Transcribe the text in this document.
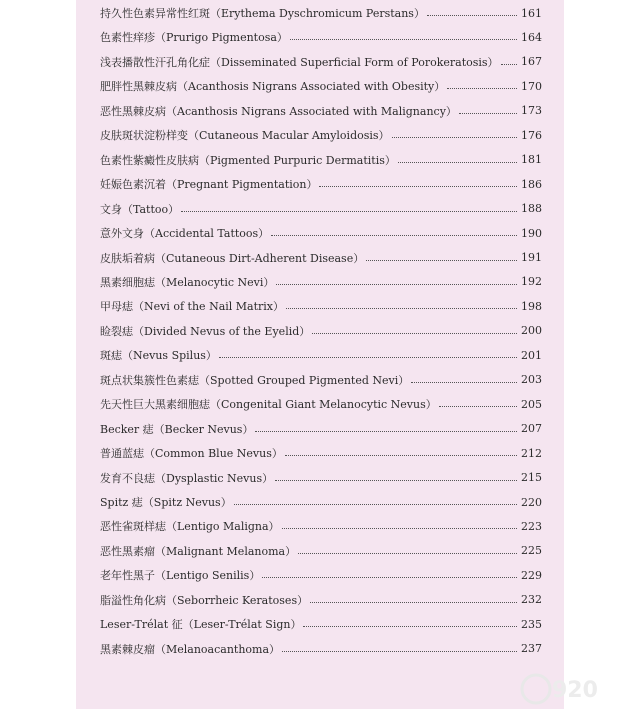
持久性色素异常性红斑（Erythema Dyschromicum Perstans）	161
色素性痒疹（Prurigo Pigmentosa）	164
浅表播散性汗孔角化症（Disseminated Superficial Form of Porokeratosis） 167
肥胖性黑棘皮病（Acanthosis Nigrans Associated with Obesity）	170
恶性黑棘皮病（Acanthosis Nigrans Associated with Malignancy）	173
皮肤斑状淀粉样变（Cutaneous Macular Amyloidosis）	176
色素性紫癜性皮肤病（Pigmented Purpuric Dermatitis）	181
妊娠色素沉着（Pregnant Pigmentation）	186
文身（Tattoo）	188
意外文身（Accidental Tattoos）	190
皮肤垢着病（Cutaneous Dirt-Adherent Disease）	191
黑素细胞痣（Melanocytic Nevi）	192
甲母痣（Nevi of the Nail Matrix）	198
睑裂痣（Divided Nevus of the Eyelid）	200
斑痣（Nevus Spilus）	201
斑点状集簇性色素痣（Spotted Grouped Pigmented Nevi）	203
先天性巨大黑素细胞痣（Congenital Giant Melanocytic Nevus）	205
Becker 痣（Becker Nevus）	207
普通蓝痣（Common Blue Nevus）	212
发育不良痣（Dysplastic Nevus）	215
Spitz 痣（Spitz Nevus）	220
恶性雀斑样痣（Lentigo Maligna）	223
恶性黑素瘤（Malignant Melanoma）	225
老年性黑子（Lentigo Senilis）	229
脂溢性角化病（Seborrheic Keratoses）	232
Leser-Trélat 征（Leser-Trélat Sign）	235
黑素棘皮瘤（Melanoacanthoma）	237
920
